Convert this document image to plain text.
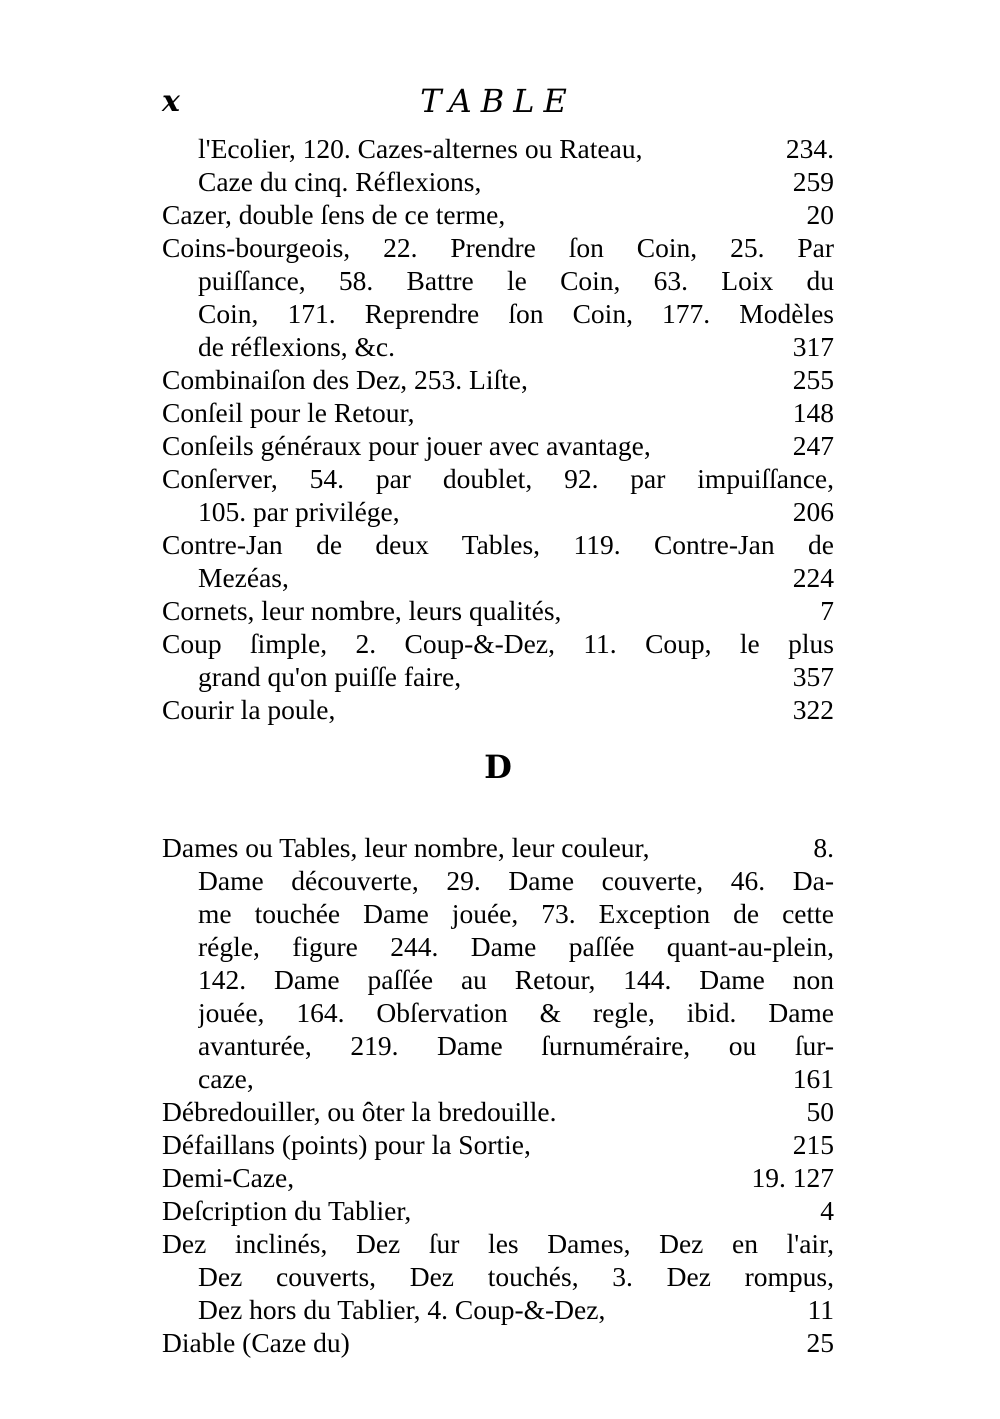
x	TABLE
l'Ecolier, 120. Cazes-alternes ou Rateau,	234.
Caze du cinq. Réflexions,	259
Cazer, double ſens de ce terme,	20
Coins-bourgeois, 22. Prendre ſon Coin, 25. Par
puiſſance, 58. Battre le Coin, 63. Loix du
Coin, 171. Reprendre ſon Coin, 177. Modèles
de réflexions, &c.	317
Combinaiſon des Dez, 253. Liſte,	255
Conſeil pour le Retour,	148
Conſeils généraux pour jouer avec avantage,	247
Conſerver, 54. par doublet, 92. par impuiſſance,
105. par privilége,	206
Contre-Jan de deux Tables, 119. Contre-Jan de
Mezéas,	224
Cornets, leur nombre, leurs qualités,	7
Coup ſimple, 2. Coup-&-Dez, 11. Coup, le plus
grand qu'on puiſſe faire,	357
Courir la poule,	322
D
Dames ou Tables, leur nombre, leur couleur,	8.
Dame découverte, 29. Dame couverte, 46. Da-
me touchée Dame jouée, 73. Exception de cette
régle, figure 244. Dame paſſée quant-au-plein,
142. Dame paſſée au Retour, 144. Dame non
jouée, 164. Obſervation & regle, ibid. Dame
avanturée, 219. Dame ſurnuméraire, ou ſur-
caze,	161
Débredouiller, ou ôter la bredouille.	50
Défaillans (points) pour la Sortie,	215
Demi-Caze,	19. 127
Deſcription du Tablier,	4
Dez inclinés, Dez ſur les Dames, Dez en l'air,
Dez couverts, Dez touchés, 3. Dez rompus,
Dez hors du Tablier, 4. Coup-&-Dez,	11
Diable (Caze du)	25
